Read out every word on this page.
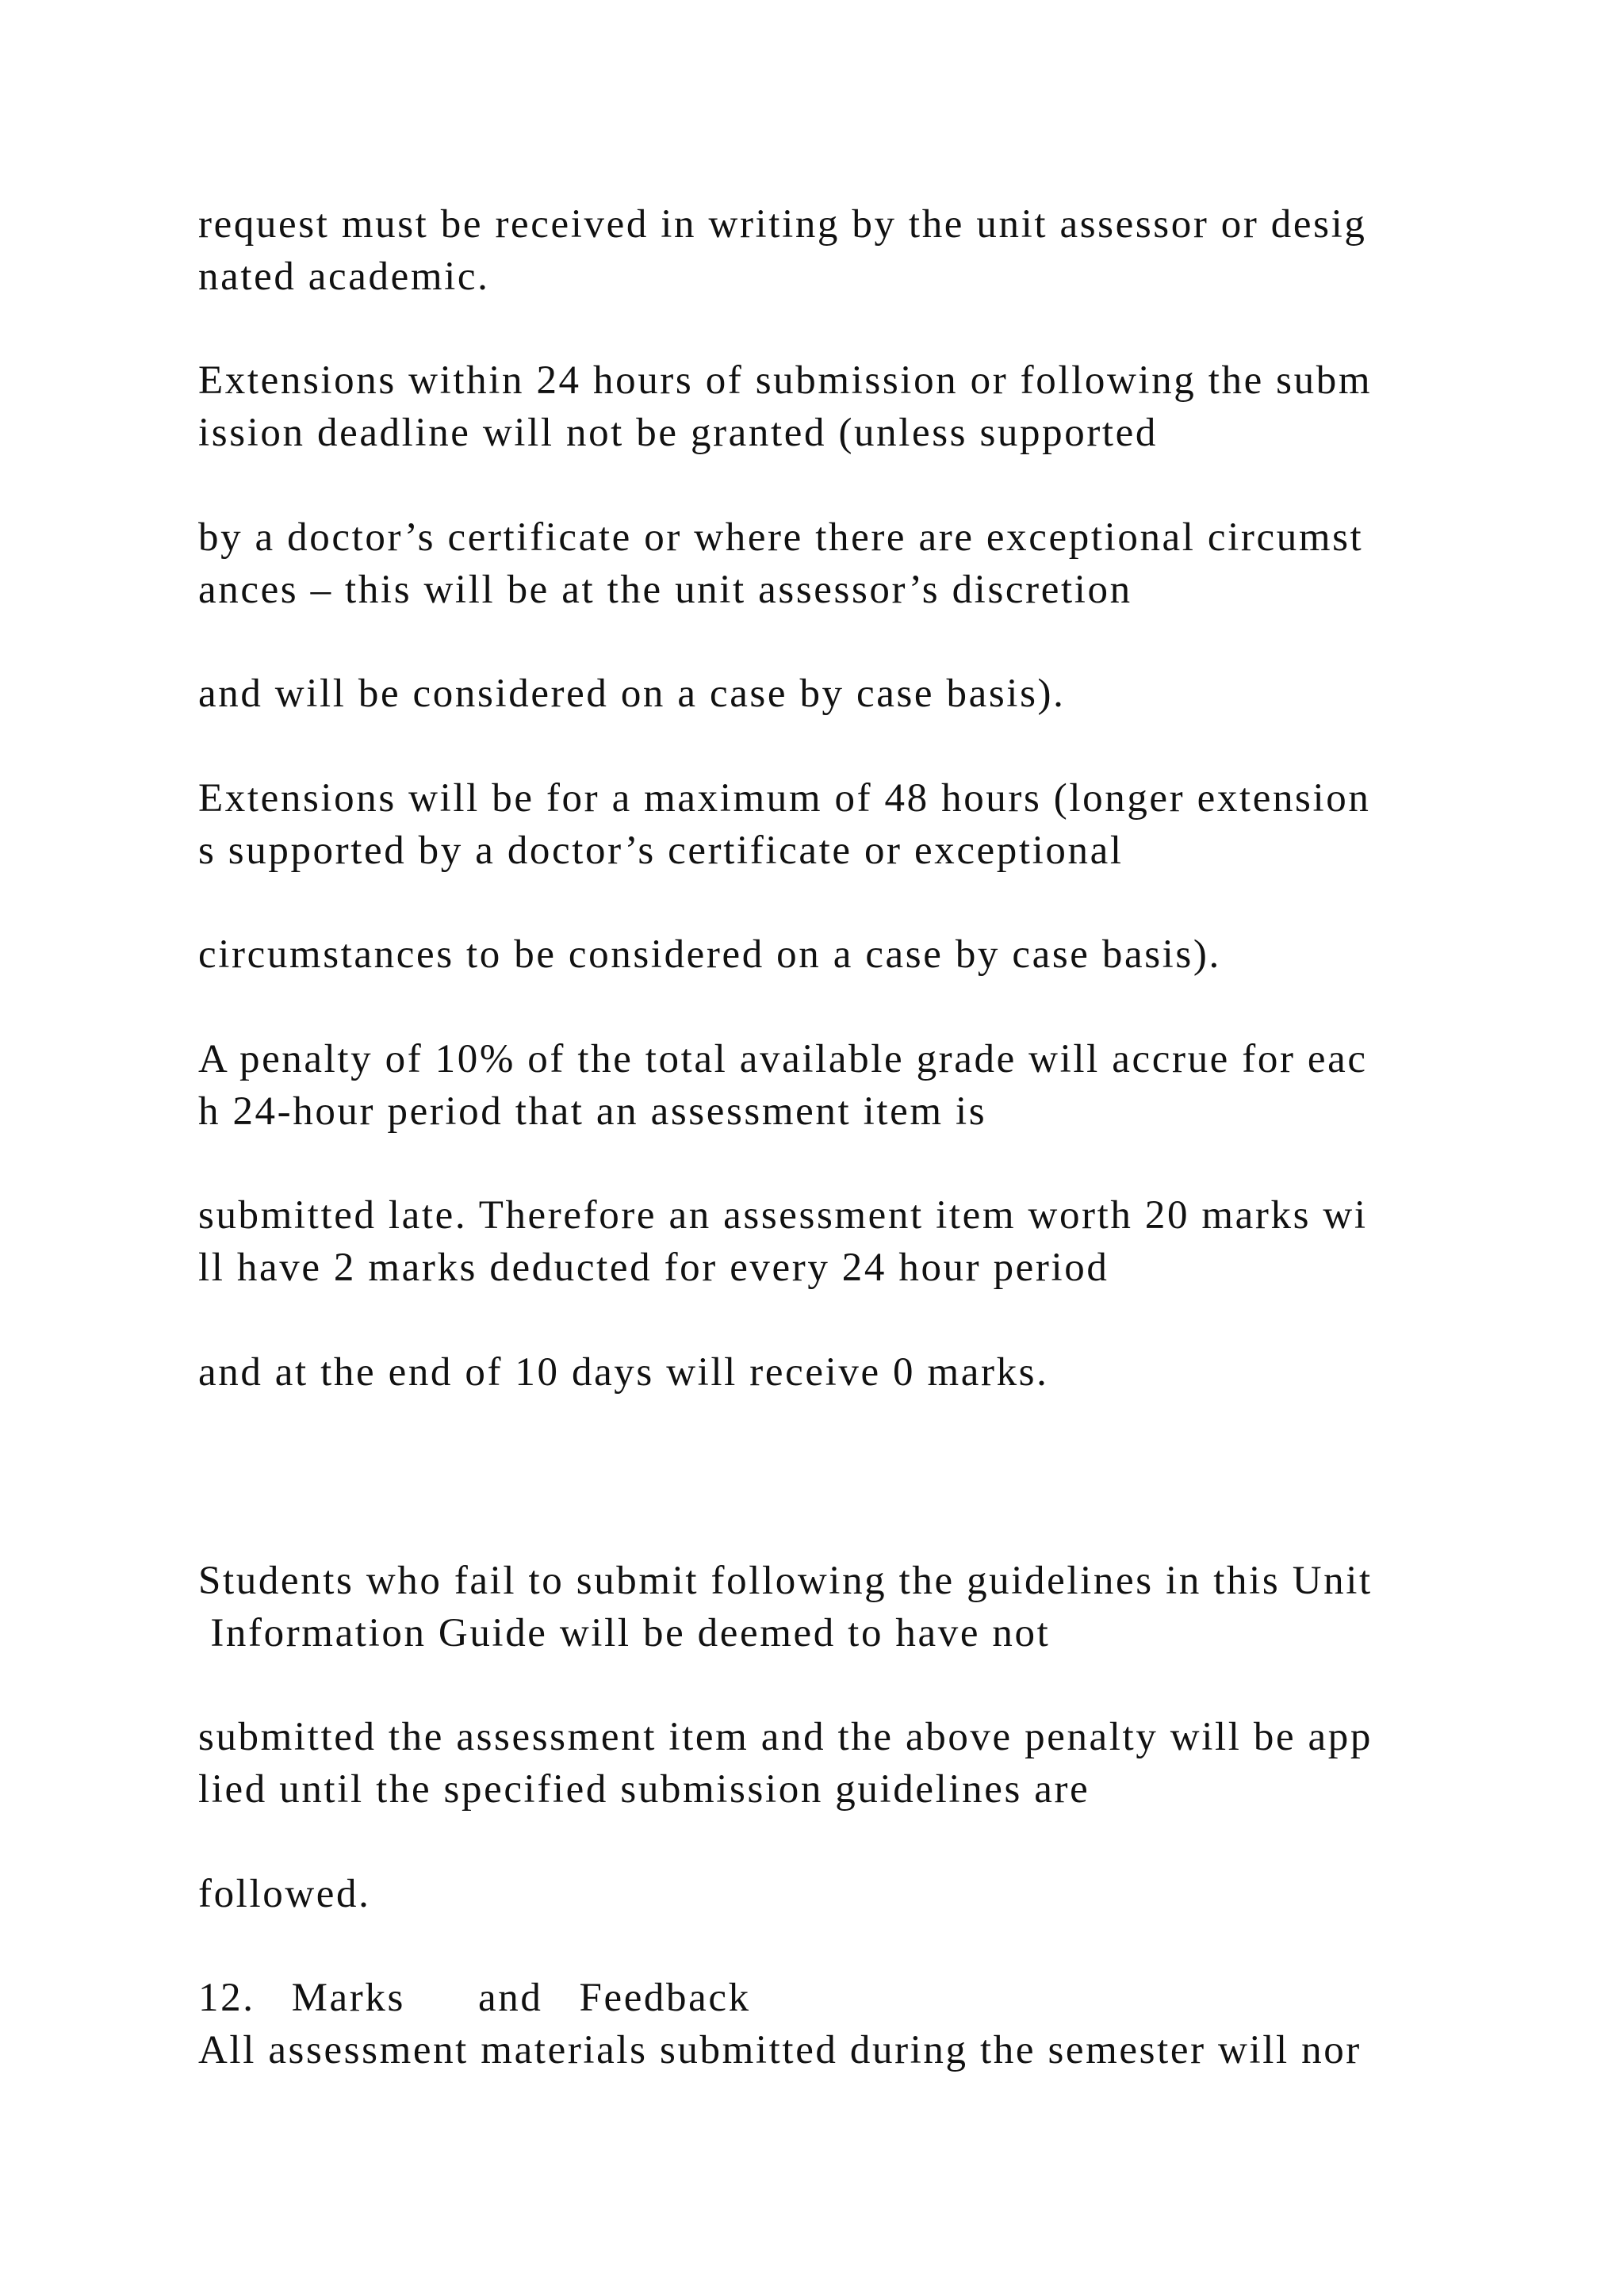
request must be received in writing by the unit assessor or desig

nated academic.

Extensions within 24 hours of submission or following the subm

ission deadline will not be granted (unless supported

by a doctor’s certificate or where there are exceptional circumst

ances – this will be at the unit assessor’s discretion

and will be considered on a case by case basis).

Extensions will be for a maximum of 48 hours (longer extension

s supported by a doctor’s certificate or exceptional

circumstances to be considered on a case by case basis).

A penalty of 10% of the total available grade will accrue for eac

h 24-hour period that an assessment item is

submitted late. Therefore an assessment item worth 20 marks wi

ll have 2 marks deducted for every 24 hour period

and at the end of 10 days will receive 0 marks.

Students who fail to submit following the guidelines in this Unit

Information Guide will be deemed to have not

submitted the assessment item and the above penalty will be app

lied until the specified submission guidelines are

followed.

12.   Marks      and   Feedback

All assessment materials submitted during the semester will nor
